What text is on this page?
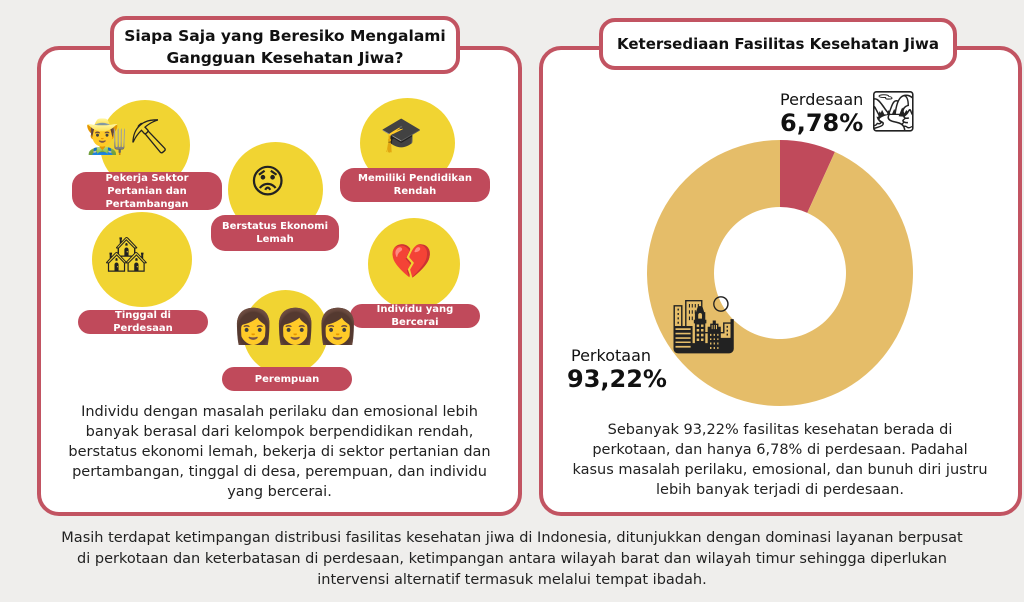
Siapa Saja yang Beresiko Mengalami Gangguan Kesehatan Jiwa?
👨‍🌾⛏
Pekerja Sektor Pertanian dan Pertambangan
😟
Berstatus Ekonomi Lemah
🎓
Memiliki Pendidikan Rendah
🏘
Tinggal di Perdesaan
💔
Individu yang Bercerai
👩👩👩
Perempuan
Individu dengan masalah perilaku dan emosional lebih banyak berasal dari kelompok berpendidikan rendah, berstatus ekonomi lemah, bekerja di sektor pertanian dan pertambangan, tinggal di desa, perempuan, dan individu yang bercerai.
Ketersediaan Fasilitas Kesehatan Jiwa
🏞
🏙
Perdesaan
6,78%
Perkotaan
93,22%
Sebanyak 93,22% fasilitas kesehatan berada di perkotaan, dan hanya 6,78% di perdesaan. Padahal kasus masalah perilaku, emosional, dan bunuh diri justru lebih banyak terjadi di perdesaan.
Masih terdapat ketimpangan distribusi fasilitas kesehatan jiwa di Indonesia, ditunjukkan dengan dominasi layanan berpusat di perkotaan dan keterbatasan di perdesaan, ketimpangan antara wilayah barat dan wilayah timur sehingga diperlukan intervensi alternatif termasuk melalui tempat ibadah.
